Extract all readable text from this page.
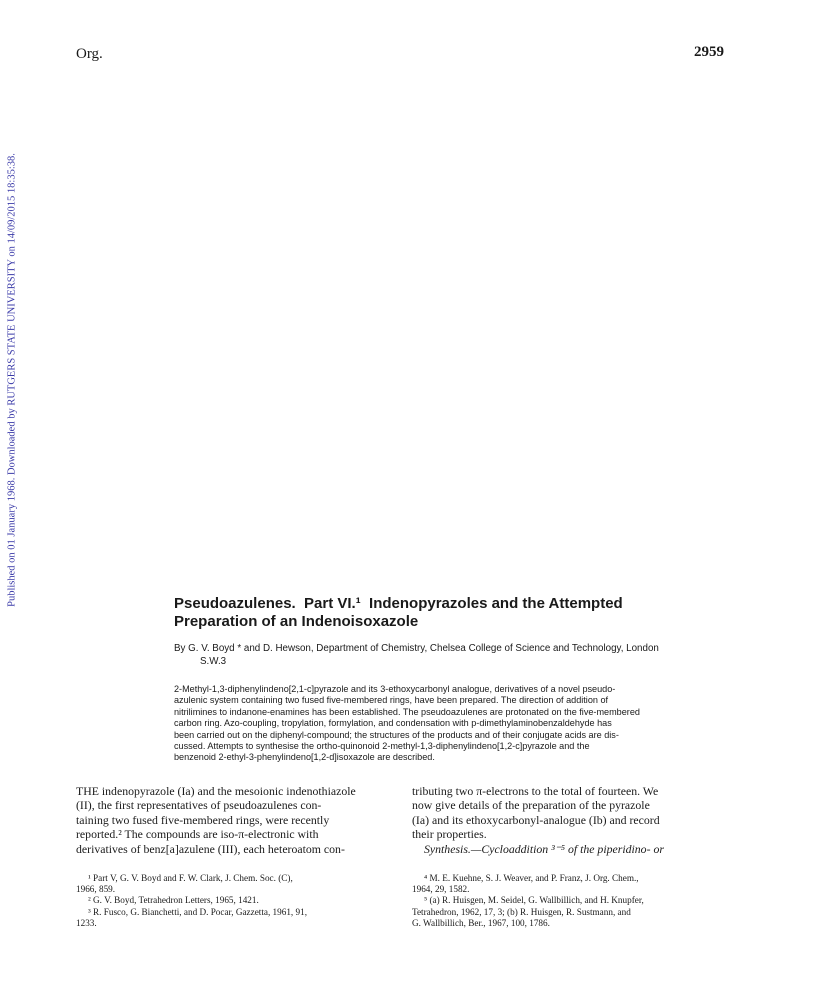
Org.	2959
Published on 01 January 1968. Downloaded by RUTGERS STATE UNIVERSITY on 14/09/2015 18:35:38.	Pseudoazulenes.  Part VI.¹  Indenopyrazoles and the Attempted
Preparation of an Indenoisoxazole
By G. V. Boyd * and D. Hewson, Department of Chemistry, Chelsea College of Science and Technology, London
S.W.3
2-Methyl-1,3-diphenylindeno[2,1-c]pyrazole and its 3-ethoxycarbonyl analogue, derivatives of a novel pseudo-
azulenic system containing two fused five-membered rings, have been prepared. The direction of addition of
nitrilimines to indanone-enamines has been established. The pseudoazulenes are protonated on the five-membered
carbon ring. Azo-coupling, tropylation, formylation, and condensation with p-dimethylaminobenzaldehyde has
been carried out on the diphenyl-compound; the structures of the products and of their conjugate acids are dis-
cussed. Attempts to synthesise the ortho-quinonoid 2-methyl-1,3-diphenylindeno[1,2-c]pyrazole and the
benzenoid 2-ethyl-3-phenylindeno[1,2-d]isoxazole are described.
THE indenopyrazole (Ia) and the mesoionic indenothiazole
(II), the first representatives of pseudoazulenes con-
taining two fused five-membered rings, were recently
reported.² The compounds are iso-π-electronic with
derivatives of benz[a]azulene (III), each heteroatom con-
tributing two π-electrons to the total of fourteen. We
now give details of the preparation of the pyrazole
(Ia) and its ethoxycarbonyl-analogue (Ib) and record
their properties.
Synthesis.—Cycloaddition ³⁻⁵ of the piperidino- or
¹ Part V, G. V. Boyd and F. W. Clark, J. Chem. Soc. (C),
1966, 859.
² G. V. Boyd, Tetrahedron Letters, 1965, 1421.
³ R. Fusco, G. Bianchetti, and D. Pocar, Gazzetta, 1961, 91,
1233.
⁴ M. E. Kuehne, S. J. Weaver, and P. Franz, J. Org. Chem.,
1964, 29, 1582.
⁵ (a) R. Huisgen, M. Seidel, G. Wallbillich, and H. Knupfer,
Tetrahedron, 1962, 17, 3; (b) R. Huisgen, R. Sustmann, and
G. Wallbillich, Ber., 1967, 100, 1786.
